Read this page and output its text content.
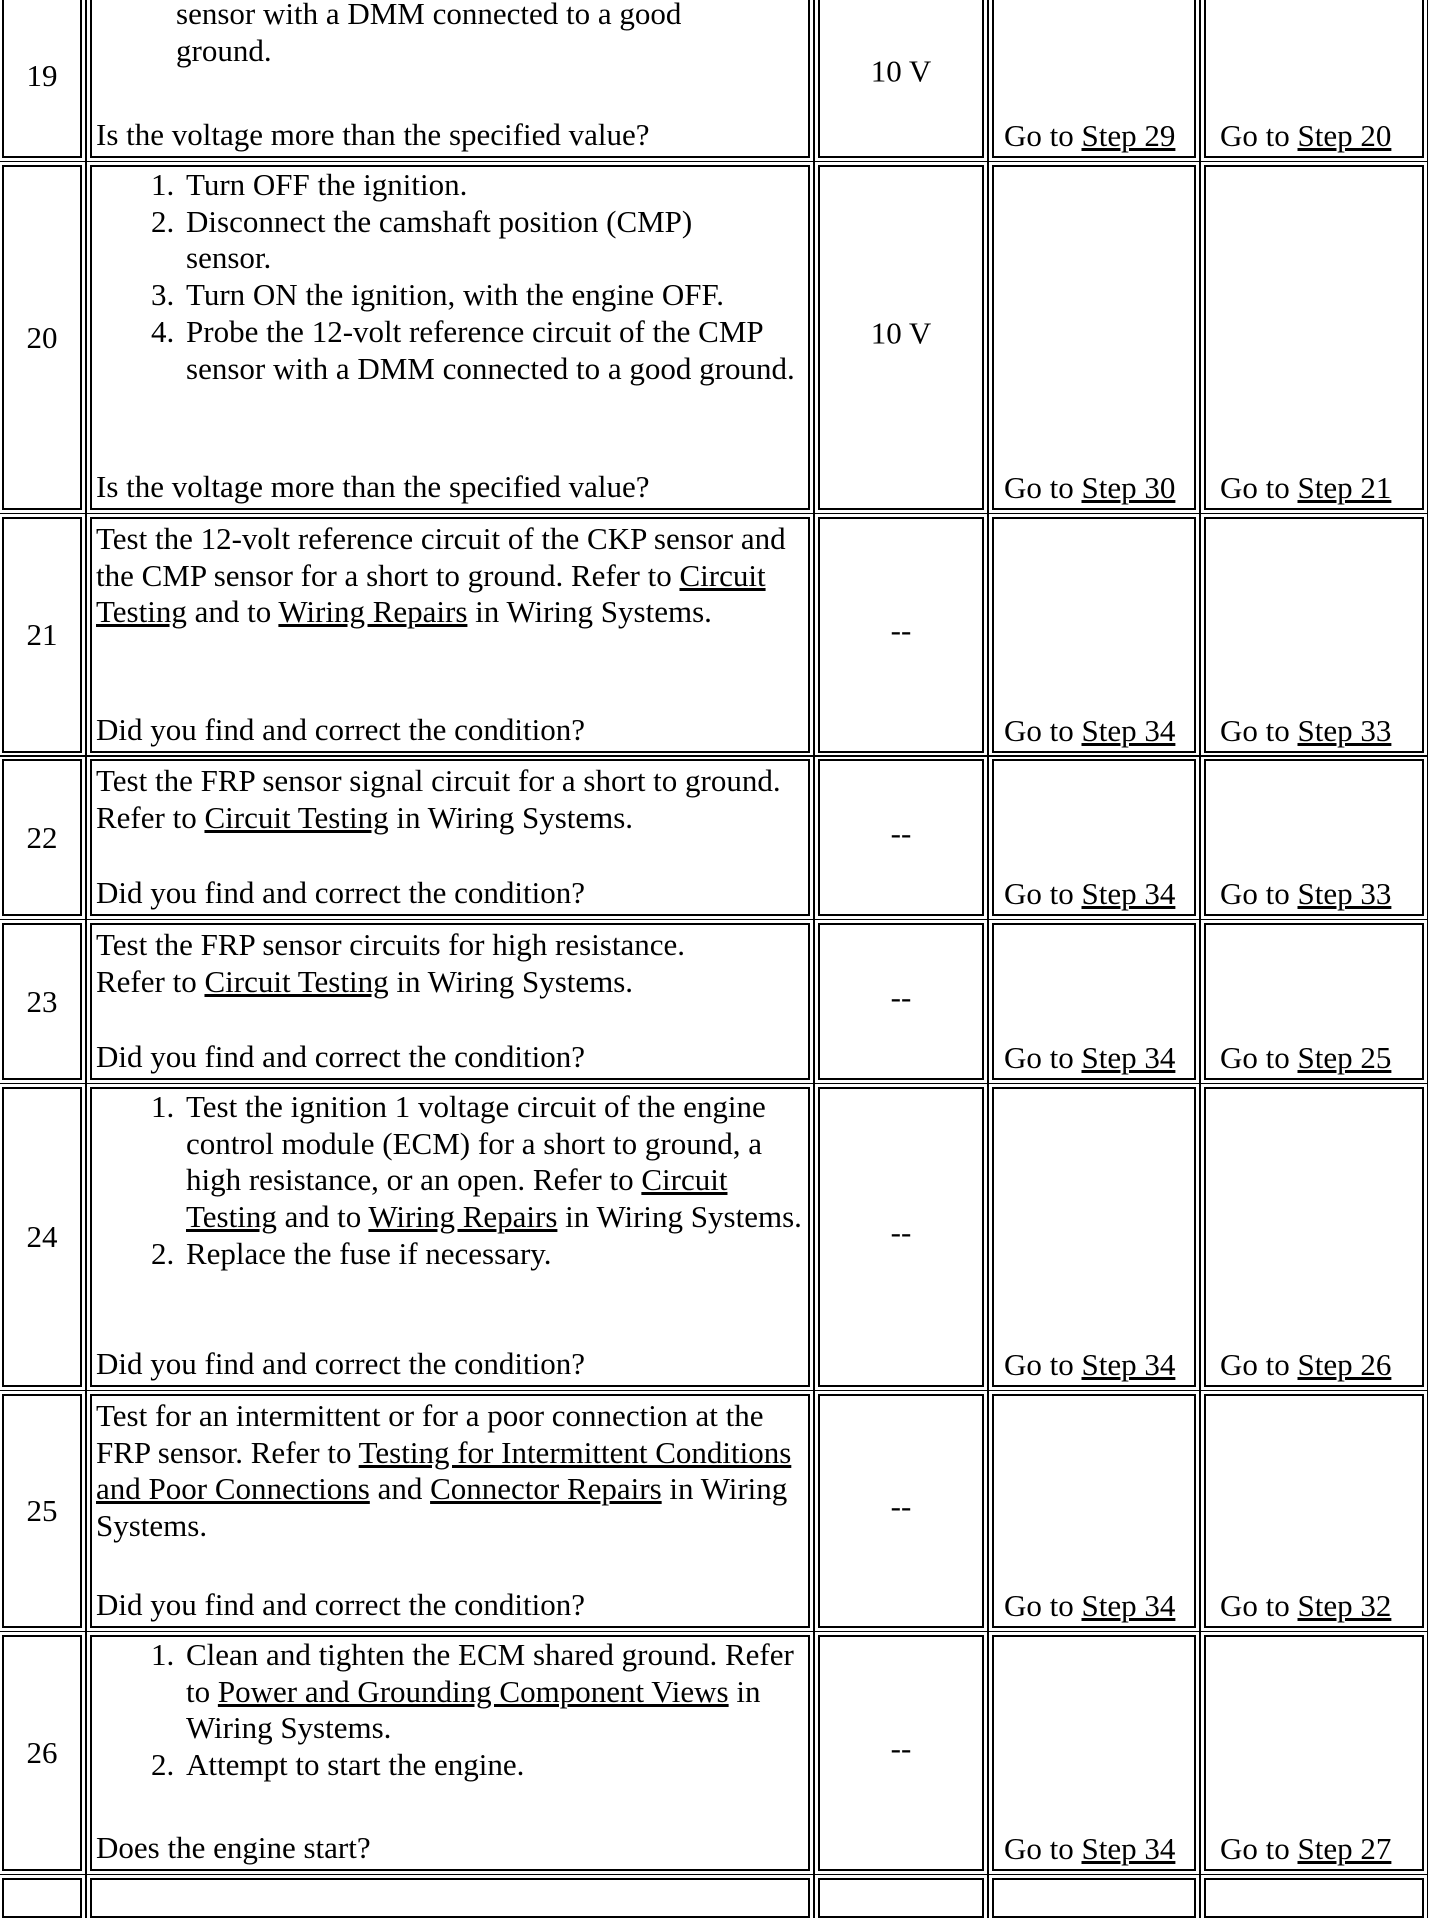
19
sensor with a DMM connected to a good
ground.
Is the voltage more than the specified value?
10 V
Go to Step 29 Go to Step 20
20
1. Turn OFF the ignition.
2. Disconnect the camshaft position (CMP) sensor.
3. Turn ON the ignition, with the engine OFF.
4. Probe the 12-volt reference circuit of the CMP sensor with a DMM connected to a good ground.
Is the voltage more than the specified value?
10 V
Go to Step 30 Go to Step 21
21

Test the 12-volt reference circuit of the CKP sensor and the CMP sensor for a short to ground. Refer to Circuit Testing and to Wiring Repairs in Wiring Systems.

Did you find and correct the condition?
--
Go to Step 34 Go to Step 33
22

Test the FRP sensor signal circuit for a short to ground. Refer to Circuit Testing in Wiring Systems.

Did you find and correct the condition?
--
Go to Step 34 Go to Step 33
23

Test the FRP sensor circuits for high resistance. Refer to Circuit Testing in Wiring Systems.

Did you find and correct the condition?
--
Go to Step 34 Go to Step 25
24
1. Test the ignition 1 voltage circuit of the engine control module (ECM) for a short to ground, a high resistance, or an open. Refer to Circuit Testing and to Wiring Repairs in Wiring Systems.
2. Replace the fuse if necessary.
Did you find and correct the condition?
--
Go to Step 34 Go to Step 26
25

Test for an intermittent or for a poor connection at the FRP sensor. Refer to Testing for Intermittent Conditions and Poor Connections and Connector Repairs in Wiring Systems.

Did you find and correct the condition?
--
Go to Step 34 Go to Step 32
26
1. Clean and tighten the ECM shared ground. Refer to Power and Grounding Component Views in Wiring Systems.
2. Attempt to start the engine.
Does the engine start?
--
Go to Step 34 Go to Step 27
